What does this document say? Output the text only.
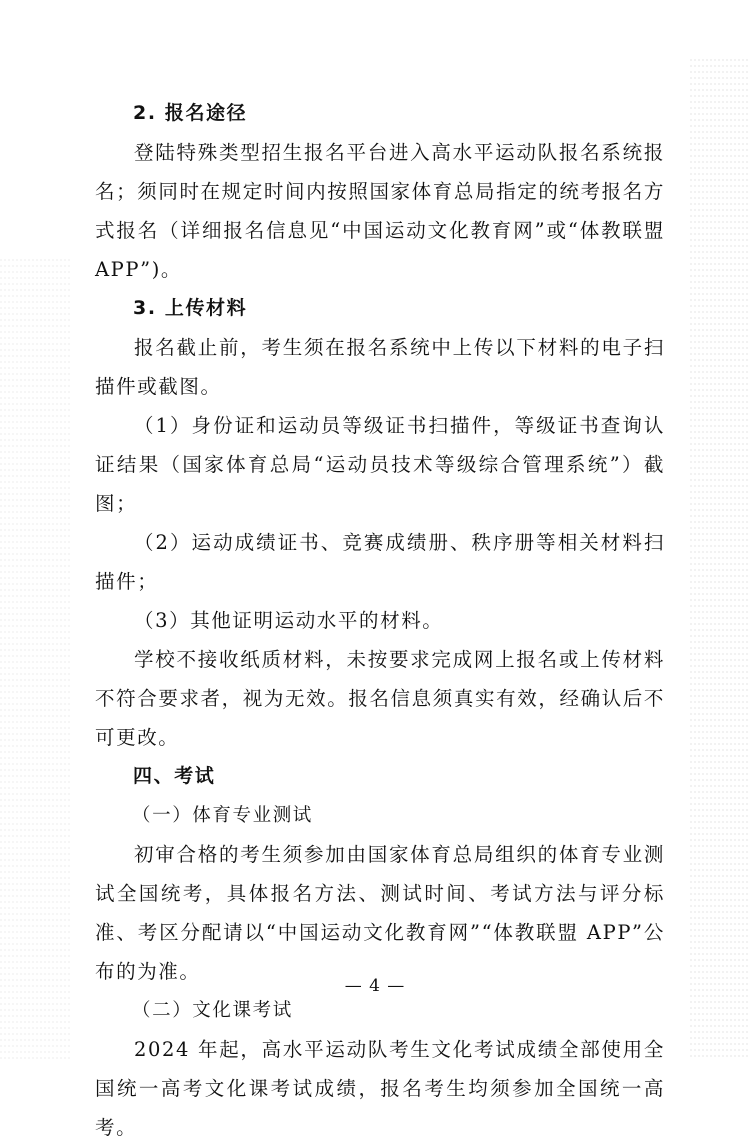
2. 报名途径

登陆特殊类型招生报名平台进入高水平运动队报名系统报名；须同时在规定时间内按照国家体育总局指定的统考报名方式报名（详细报名信息见“中国运动文化教育网”或“体教联盟APP”)。

3. 上传材料

报名截止前，考生须在报名系统中上传以下材料的电子扫描件或截图。

（1）身份证和运动员等级证书扫描件，等级证书查询认证结果（国家体育总局“运动员技术等级综合管理系统”）截图；

（2）运动成绩证书、竞赛成绩册、秩序册等相关材料扫描件；

（3）其他证明运动水平的材料。

学校不接收纸质材料，未按要求完成网上报名或上传材料不符合要求者，视为无效。报名信息须真实有效，经确认后不可更改。

四、考试

（一）体育专业测试

初审合格的考生须参加由国家体育总局组织的体育专业测试全国统考，具体报名方法、测试时间、考试方法与评分标准、考区分配请以“中国运动文化教育网”“体教联盟 APP”公布的为准。

（二）文化课考试

2024 年起，高水平运动队考生文化考试成绩全部使用全国统一高考文化课考试成绩，报名考生均须参加全国统一高考。

— 4 —
